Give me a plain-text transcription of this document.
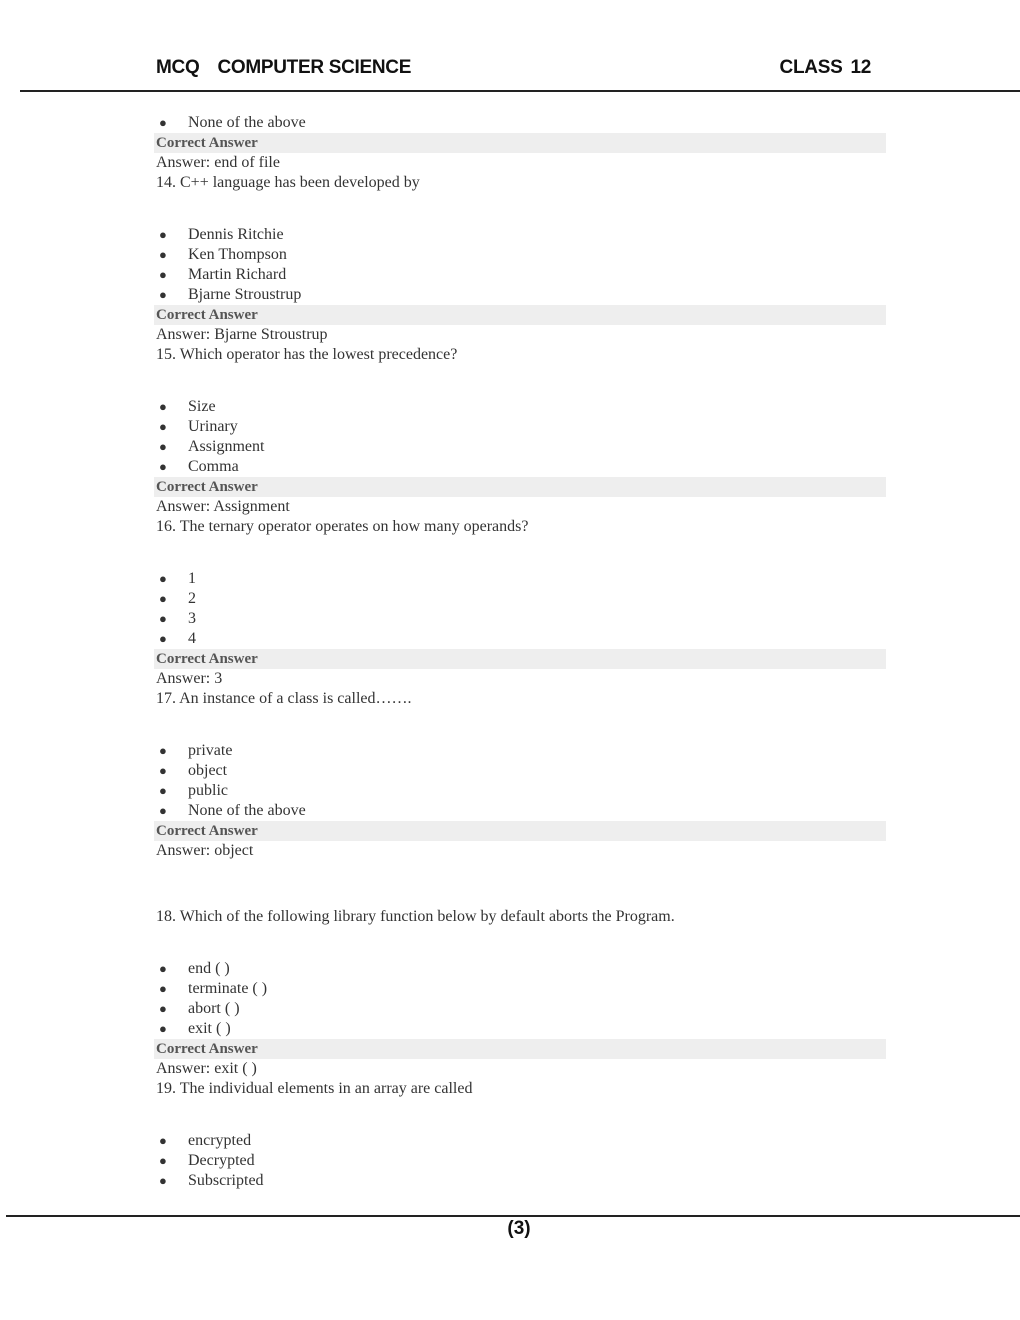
MCQ COMPUTER SCIENCE	CLASS 12
● None of the above
Correct Answer
Answer: end of file
14. C++ language has been developed by
● Dennis Ritchie
● Ken Thompson
● Martin Richard
● Bjarne Stroustrup
Correct Answer
Answer: Bjarne Stroustrup
15. Which operator has the lowest precedence?
● Size
● Urinary
● Assignment
● Comma
Correct Answer
Answer: Assignment
16. The ternary operator operates on how many operands?
● 1
● 2
● 3
● 4
Correct Answer
Answer: 3
17. An instance of a class is called…….
● private
● object
● public
● None of the above
Correct Answer
Answer: object
18. Which of the following library function below by default aborts the Program.
● end ( )
● terminate ( )
● abort ( )
● exit ( )
Correct Answer
Answer: exit ( )
19. The individual elements in an array are called
● encrypted
● Decrypted
● Subscripted
(3)
